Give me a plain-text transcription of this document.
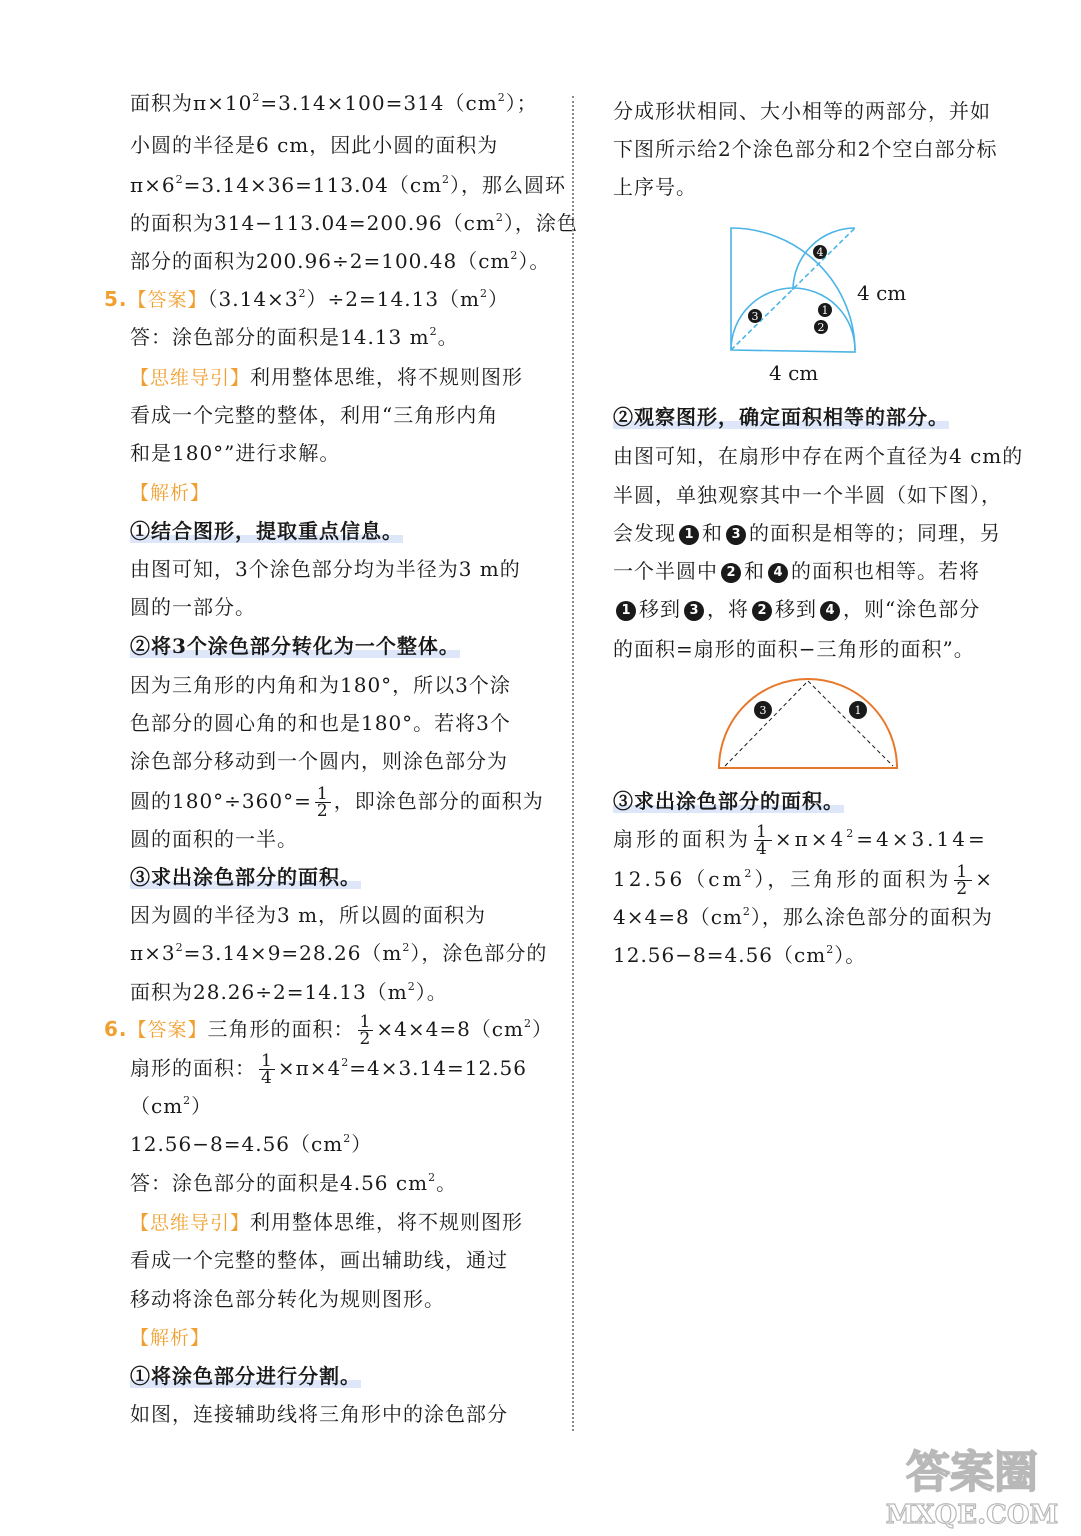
面积为$\pi\times 10^2=3.14\times 100=314(cm^2)$；
小圆的半径是6 cm，因此小圆的面积为
$\pi\times 6^2=3.14\times 36=113.04(cm^2)$，那么圆环
的面积为$314-113.04=200.96(cm^2)$，涂色
部分的面积为$200.96\div 2=100.48(cm^2)$。
5.【答案】$(3.14\times 3^2)\div 2=14.13(m^2)$
答：涂色部分的面积是14.13 $m^2$。
【思维导引】利用整体思维，将不规则图形
看成一个完整的整体，利用“三角形内角
和是180°”进行求解。
【解析】
①结合图形，提取重点信息。
由图可知，3个涂色部分均为半径为3 m的
圆的一部分。
②将3个涂色部分转化为一个整体。
因为三角形的内角和为180°，所以3个涂
色部分的圆心角的和也是180°。若将3个
涂色部分移动到一个圆内，则涂色部分为
圆的$180^\circ\div 360^\circ= \frac{1}{2}$ ，即涂色部分的面积为
圆的面积的一半。
③求出涂色部分的面积。
因为圆的半径为3 m，所以圆的面积为
$\pi\times 3^2=3.14\times 9=28.26(m^2)$，涂色部分的
面积为$28.26\div 2=14.13(m^2)$。
6.【答案】三角形的面积： $\frac{1}{2} \times 4\times 4=8(cm^2)$
扇形的面积： $\frac{1}{4} \times\pi\times 4^2=4\times 3.14=12.56$
$(cm^2)$
$12.56-8=4.56(cm^2)$
答：涂色部分的面积是4.56 $cm^2$。
【思维导引】利用整体思维，将不规则图形
看成一个完整的整体，画出辅助线，通过
移动将涂色部分转化为规则图形。
【解析】
①将涂色部分进行分割。
如图，连接辅助线将三角形中的涂色部分
分成形状相同、大小相等的两部分，并如
下图所示给2个涂色部分和2个空白部分标
上序号。
4
1
2
3
4 cm
4 cm
②观察图形，确定面积相等的部分。
由图可知，在扇形中存在两个直径为4 cm的
半圆，单独观察其中一个半圆（如下图），
会发现 1 和 3 的面积是相等的；同理，另
一个半圆中 2 和 4 的面积也相等。若将
1 移到 3 ，将 2 移到 4 ，则“涂色部分
的面积=扇形的面积−三角形的面积”。
3	1
③求出涂色部分的面积。
扇形的面积为 $\frac{1}{4} \times\pi\times 4^2=4\times 3.14=$
$12.56(cm^2)$，三角形的面积为 $\frac{1}{2}$ ×
$4\times 4=8(cm^2)$，那么涂色部分的面积为
$12.56-8=4.56(cm^2)$。
答案圈
MXQE.COM
